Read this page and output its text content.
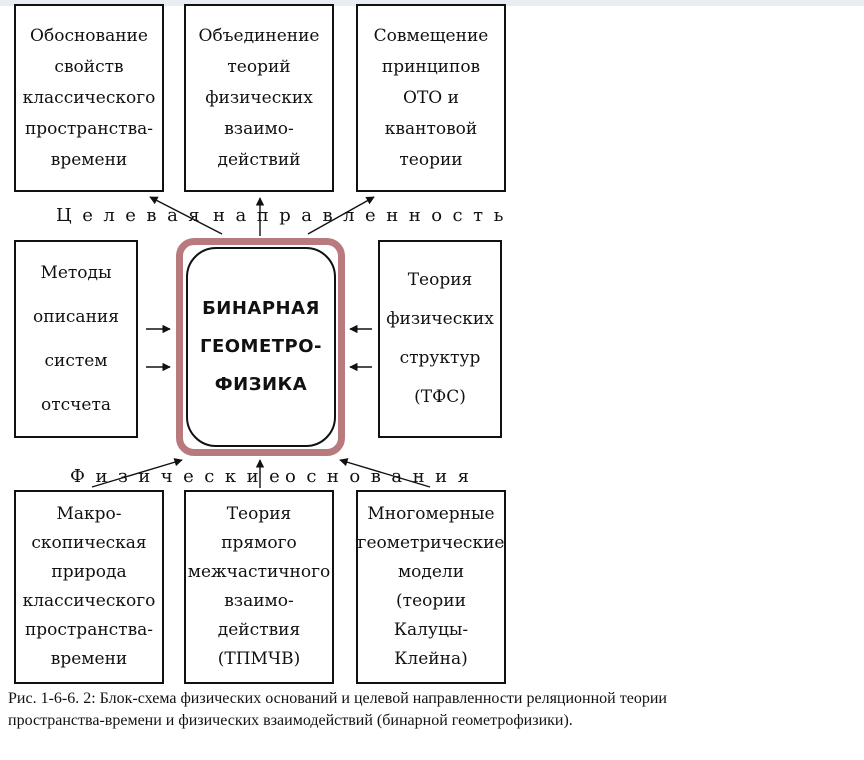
Обоснование
свойств
классического
пространства-
времени
Объединение
теорий
физических
взаимо-
действий
Совмещение
принципов
ОТО и
квантовой
теории
Целевая направленность
Методы
описания
систем
отсчета
БИНАРНАЯ
ГЕОМЕТРО-
ФИЗИКА
Теория
физических
структур
(ТФС)
Физические
основания
Макро-
скопическая
природа
классического
пространства-
времени
Теория
прямого
межчастичного
взаимо-
действия
(ТПМЧВ)
Многомерные
геометрические
модели
(теории
Калуцы-
Клейна)
Рис. 1-6-6. 2: Блок-схема физических оснований и целевой направленности реляционной теории
пространства-времени и физических взаимодействий (бинарной геометрофизики).
